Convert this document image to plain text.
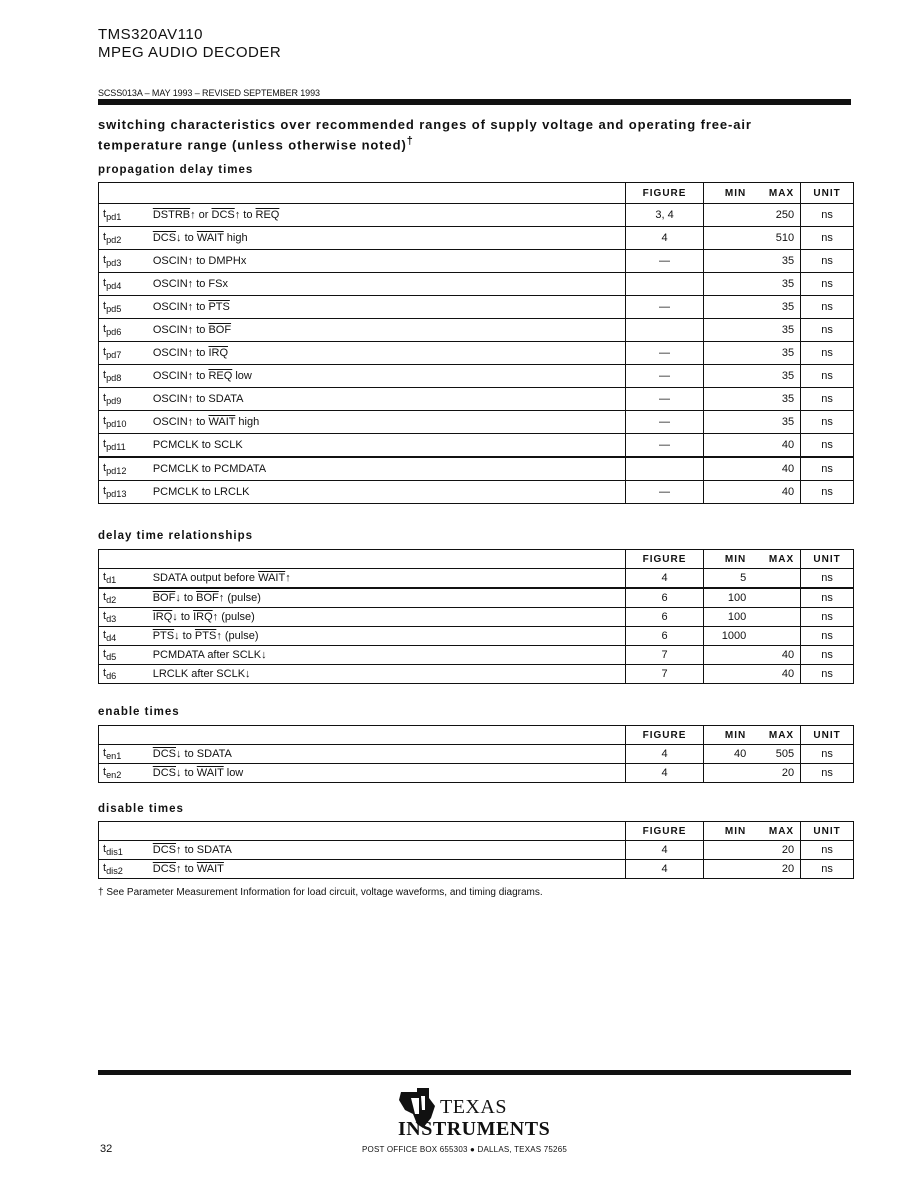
TMS320AV110
MPEG AUDIO DECODER
SCSS013A – MAY 1993 – REVISED SEPTEMBER 1993
switching characteristics over recommended ranges of supply voltage and operating free-air
temperature range (unless otherwise noted)†
propagation delay times
		FIGURE	MIN	MAX	UNIT
$t_{pd1}$	DSTRB↑ or $\overline{DCS}↑$ to $\overline{REQ}$	3, 4		250	ns
$t_{pd2}$	$\overline{DCS}↓$ to WAIT high	4		510	ns
$t_{pd3}$	OSCIN↑ to DMPHx	—		35	ns
$t_{pd4}$	OSCIN↑ to FSx			35	ns
$t_{pd5}$	OSCIN↑ to $\overline{PTS}$	—		35	ns
$t_{pd6}$	OSCIN↑ to $\overline{BOF}$			35	ns
$t_{pd7}$	OSCIN↑ to $\overline{IRQ}$	—		35	ns
$t_{pd8}$	OSCIN↑ to $\overline{REQ}$ low	—		35	ns
$t_{pd9}$	OSCIN↑ to SDATA	—		35	ns
$t_{pd10}$	OSCIN↑ to WAIT high	—		35	ns
$t_{pd11}$	PCMCLK to SCLK	—		40	ns
$t_{pd12}$	PCMCLK to PCMDATA			40	ns
$t_{pd13}$	PCMCLK to LRCLK	—		40	ns
delay time relationships
		FIGURE	MIN	MAX	UNIT
$t_{d1}$	SDATA output before WAIT↑	4	5		ns
$t_{d2}$	$\overline{BOF}↓$ to $\overline{BOF}↑$ (pulse)	6	100		ns
$t_{d3}$	$\overline{IRQ}↓$ to $\overline{IRQ}↑$ (pulse)	6	100		ns
$t_{d4}$	$\overline{PTS}↓$ to $\overline{PTS}↑$ (pulse)	6	1000		ns
$t_{d5}$	PCMDATA after SCLK↓	7		40	ns
$t_{d6}$	LRCLK after SCLK↓	7		40	ns
enable times
		FIGURE	MIN	MAX	UNIT
$t_{en1}$	$\overline{DCS}↓$ to SDATA	4	40	505	ns
$t_{en2}$	$\overline{DCS}↓$ to WAIT low	4		20	ns
disable times
		FIGURE	MIN	MAX	UNIT
$t_{dis1}$	$\overline{DCS}↑$ to SDATA	4		20	ns
$t_{dis2}$	$\overline{DCS}↑$ to WAIT	4		20	ns
† See Parameter Measurement Information for load circuit, voltage waveforms, and timing diagrams.
TEXAS
INSTRUMENTS
POST OFFICE BOX 655303 ● DALLAS, TEXAS 75265
32
